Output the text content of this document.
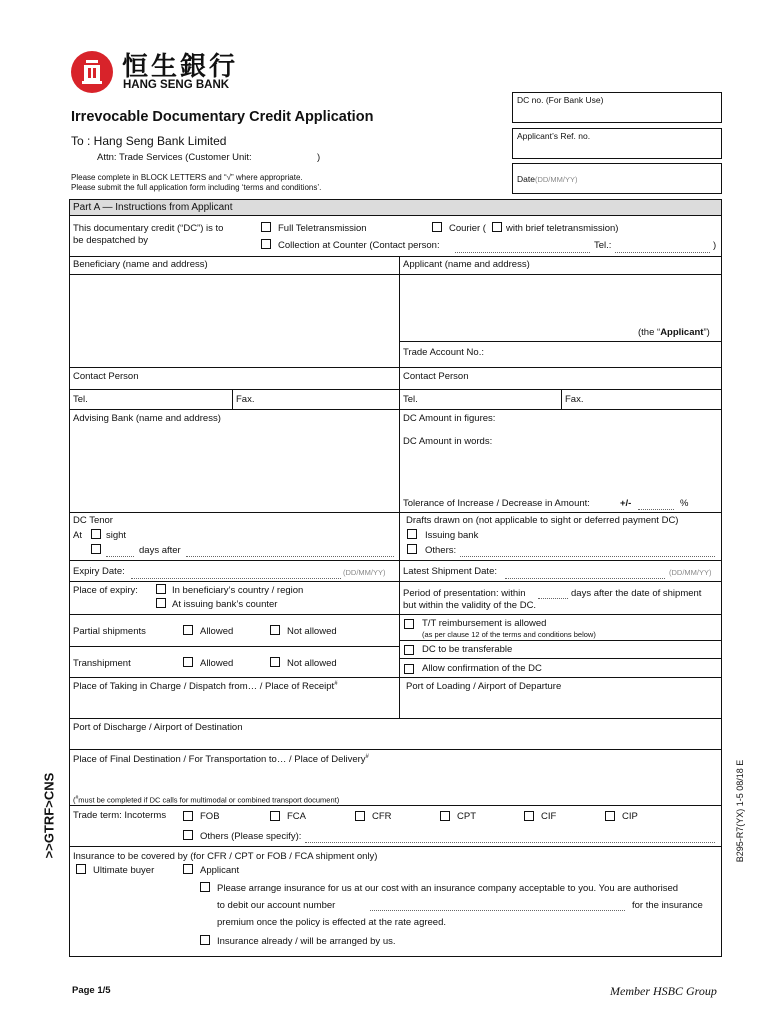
恒生銀行
HANG SENG BANK
DC no. (For Bank Use)
Applicant’s Ref. no.
Date(DD/MM/YY)
Irrevocable Documentary Credit Application
To : Hang Seng Bank Limited
Attn: Trade Services (Customer Unit:	)
Please complete in BLOCK LETTERS and “√” where appropriate.
Please submit the full application form including ‘terms and conditions’.
Part A — Instructions from Applicant
This documentary credit (“DC”) is to
be despatched by
Full Teletransmission	Courier ( with brief teletransmission)
Collection at Counter (Contact person:	Tel.:	)
Beneficiary (name and address)	Applicant (name and address)
(the “Applicant”)
Trade Account No.:
Contact Person	Contact Person
Tel.	Fax.	Tel.	Fax.
Advising Bank (name and address)	DC Amount in figures:
DC Amount in words:
Tolerance of Increase / Decrease in Amount:	+/-	%
DC Tenor
At	sight
days after
Drafts drawn on (not applicable to sight or deferred payment DC)
Issuing bank
Others:
Expiry Date:	(DD/MM/YY) Latest Shipment Date:	(DD/MM/YY)
Place of expiry:	In beneficiary’s country / region
At issuing bank’s counter
Period of presentation: within	days after the date of shipment
but within the validity of the DC.
Partial shipments	Allowed	Not allowed
T/T reimbursement is allowed
(as per clause 12 of the terms and conditions below)
DC to be transferable
Transhipment	Allowed	Not allowed	Allow confirmation of the DC
Place of Taking in Charge / Dispatch from… / Place of Receipt#	Port of Loading / Airport of Departure
Port of Discharge / Airport of Destination
Place of Final Destination / For Transportation to… / Place of Delivery#
(#must be completed if DC calls for multimodal or combined transport document)
Trade term: Incoterms	FOB	FCA	CFR	CPT	CIF	CIP
Others (Please specify):
Insurance to be covered by (for CFR / CPT or FOB / FCA shipment only)
Ultimate buyer	Applicant
Please arrange insurance for us at our cost with an insurance company acceptable to you. You are authorised
to debit our account number	for the insurance
premium once the policy is effected at the rate agreed.
Insurance already / will be arranged by us.
>>GTRF>CNS	B295-R7(YX) 1-5 08/18 E
Page 1/5	Member HSBC Group
